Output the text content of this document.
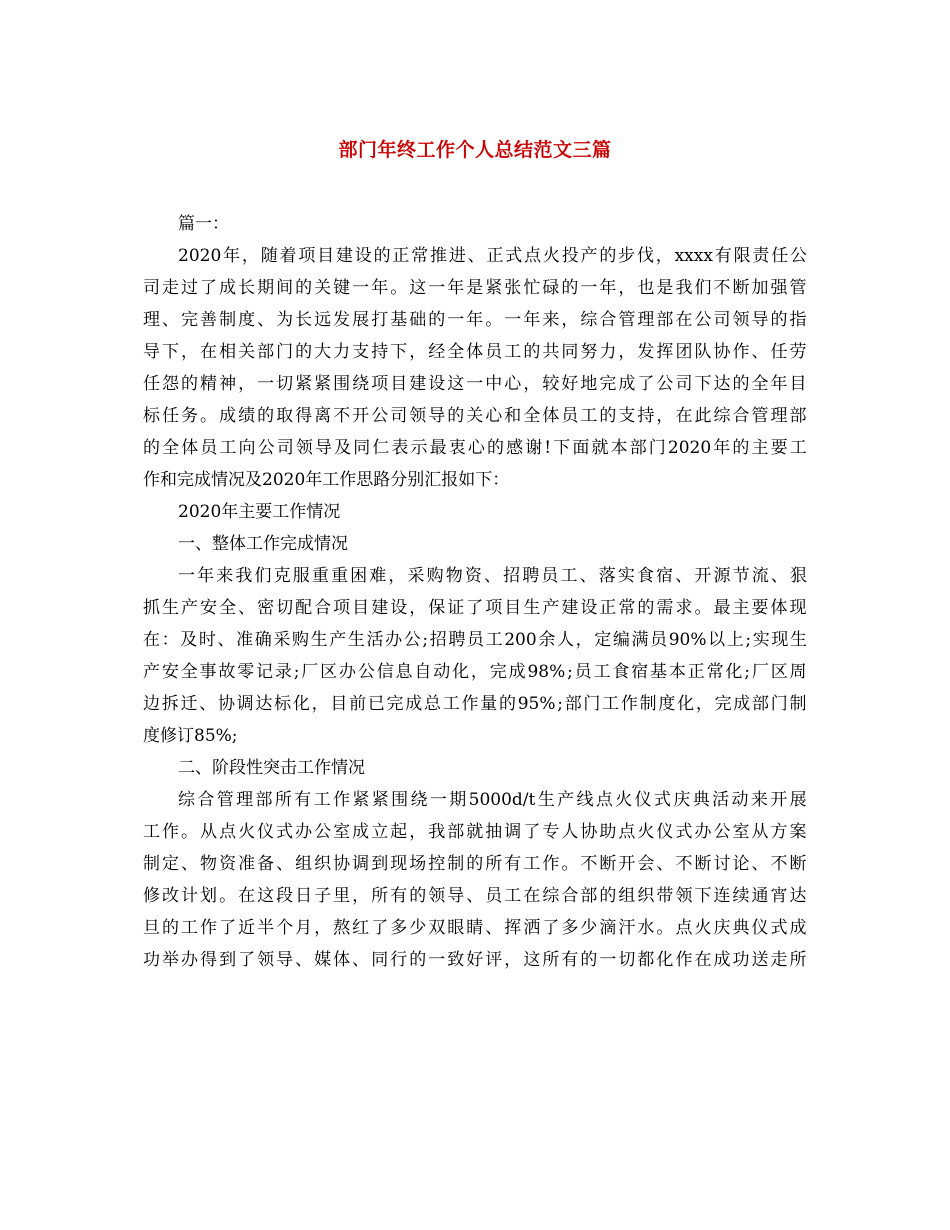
部门年终工作个人总结范文三篇
篇一：
2020 年 ， 随 着 项 目 建 设 的 正 常 推 进 、 正 式 点 火 投 产 的 步 伐 ， xxxx 有 限 责 任 公
司 走 过 了 成 长 期 间 的 关 键 一 年 。 这 一 年 是 紧 张 忙 碌 的 一 年 ， 也 是 我 们 不 断 加 强 管
理 、 完 善 制 度 、 为 长 远 发 展 打 基 础 的 一 年 。 一 年 来 ， 综 合 管 理 部 在 公 司 领 导 的 指
导 下 ， 在 相 关 部 门 的 大 力 支 持 下 ， 经 全 体 员 工 的 共 同 努 力 ， 发 挥 团 队 协 作 、 任 劳
任 怨 的 精 神 ， 一 切 紧 紧 围 绕 项 目 建 设 这 一 中 心 ， 较 好 地 完 成 了 公 司 下 达 的 全 年 目
标 任 务 。 成 绩 的 取 得 离 不 开 公 司 领 导 的 关 心 和 全 体 员 工 的 支 持 ， 在 此 综 合 管 理 部
的 全 体 员 工 向 公 司 领 导 及 同 仁 表 示 最 衷 心 的 感 谢 ! 下 面 就 本 部 门 2020 年 的 主 要 工
作和完成情况及2020年工作思路分别汇报如下：
2020年主要工作情况
一、整体工作完成情况
一 年 来 我 们 克 服 重 重 困 难 ， 采 购 物 资 、 招 聘 员 工 、 落 实 食 宿 、 开 源 节 流 、 狠
抓 生 产 安 全 、 密 切 配 合 项 目 建 设 ， 保 证 了 项 目 生 产 建 设 正 常 的 需 求 。 最 主 要 体 现
在 ： 及 时 、 准 确 采 购 生 产 生 活 办 公 ; 招 聘 员 工 200 余 人 ， 定 编 满 员 90% 以 上 ; 实 现 生
产 安 全 事 故 零 记 录 ; 厂 区 办 公 信 息 自 动 化 ， 完 成 98% ; 员 工 食 宿 基 本 正 常 化 ; 厂 区 周
边 拆 迁 、 协 调 达 标 化 ， 目 前 已 完 成 总 工 作 量 的 95% ; 部 门 工 作 制 度 化 ， 完 成 部 门 制
度修订85%;
二、阶段性突击工作情况
综 合 管 理 部 所 有 工 作 紧 紧 围 绕 一 期 5000d/t 生 产 线 点 火 仪 式 庆 典 活 动 来 开 展
工 作 。 从 点 火 仪 式 办 公 室 成 立 起 ， 我 部 就 抽 调 了 专 人 协 助 点 火 仪 式 办 公 室 从 方 案
制 定 、 物 资 准 备 、 组 织 协 调 到 现 场 控 制 的 所 有 工 作 。 不 断 开 会 、 不 断 讨 论 、 不 断
修 改 计 划 。 在 这 段 日 子 里 ， 所 有 的 领 导 、 员 工 在 综 合 部 的 组 织 带 领 下 连 续 通 宵 达
旦 的 工 作 了 近 半 个 月 ， 熬 红 了 多 少 双 眼 睛 、 挥 洒 了 多 少 滴 汗 水 。 点 火 庆 典 仪 式 成
功 举 办 得 到 了 领 导 、 媒 体 、 同 行 的 一 致 好 评 ， 这 所 有 的 一 切 都 化 作 在 成 功 送 走 所
